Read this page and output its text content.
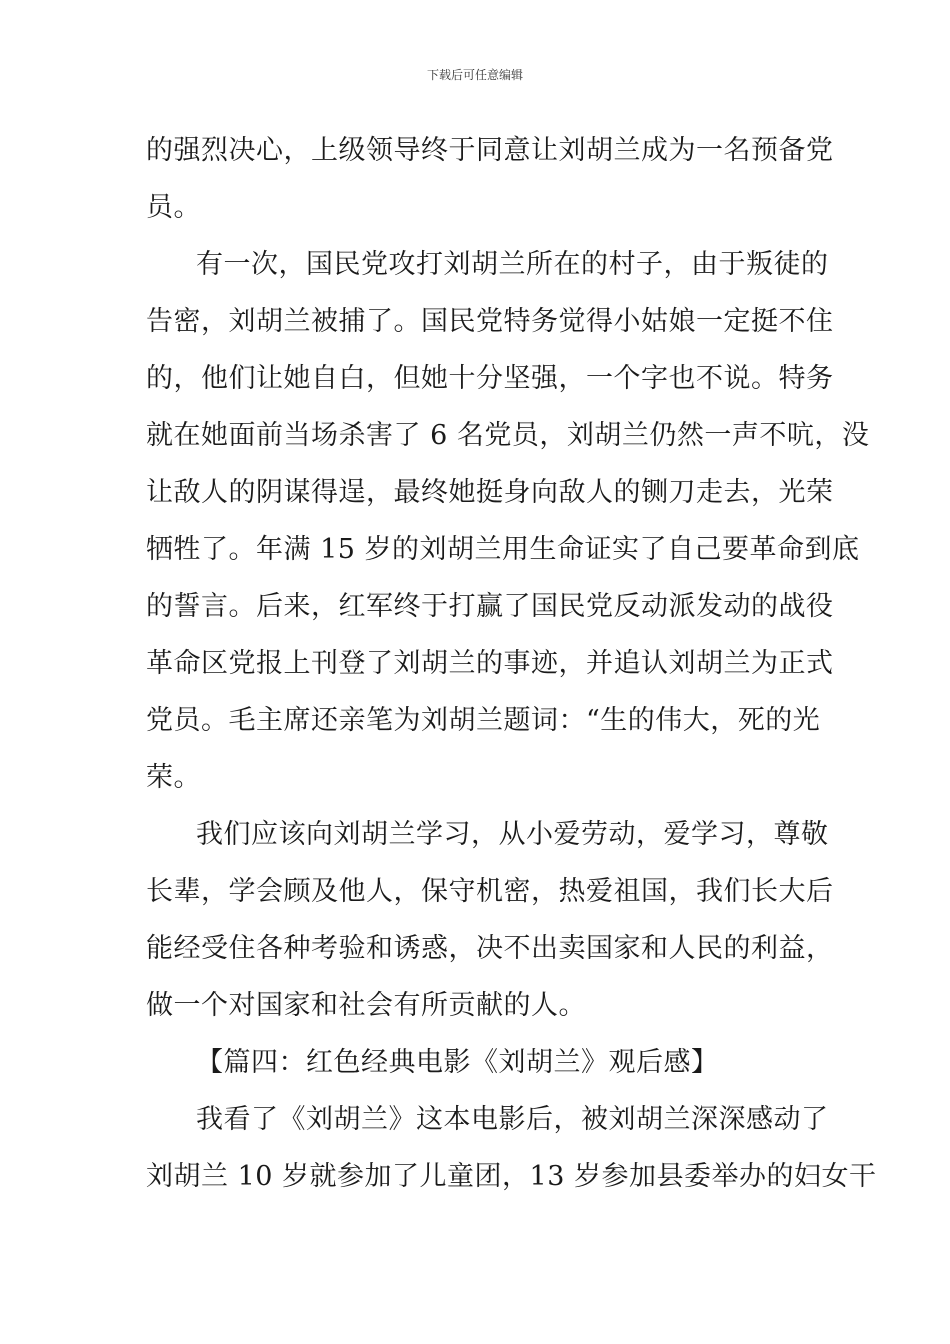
下载后可任意编辑
的强烈决心，上级领导终于同意让刘胡兰成为一名预备党
员。
有一次，国民党攻打刘胡兰所在的村子，由于叛徒的
告密，刘胡兰被捕了。国民党特务觉得小姑娘一定挺不住
的，他们让她自白，但她十分坚强，一个字也不说。特务
就在她面前当场杀害了 6 名党员，刘胡兰仍然一声不吭，没
让敌人的阴谋得逞，最终她挺身向敌人的铡刀走去，光荣
牺牲了。年满 15 岁的刘胡兰用生命证实了自己要革命到底
的誓言。后来，红军终于打赢了国民党反动派发动的战役
革命区党报上刊登了刘胡兰的事迹，并追认刘胡兰为正式
党员。毛主席还亲笔为刘胡兰题词：“生的伟大，死的光
荣。
我们应该向刘胡兰学习，从小爱劳动，爱学习，尊敬
长辈，学会顾及他人，保守机密，热爱祖国，我们长大后
能经受住各种考验和诱惑，决不出卖国家和人民的利益，
做一个对国家和社会有所贡献的人。
【篇四：红色经典电影《刘胡兰》观后感】
我看了《刘胡兰》这本电影后，被刘胡兰深深感动了
刘胡兰 10 岁就参加了儿童团，13 岁参加县委举办的妇女干
